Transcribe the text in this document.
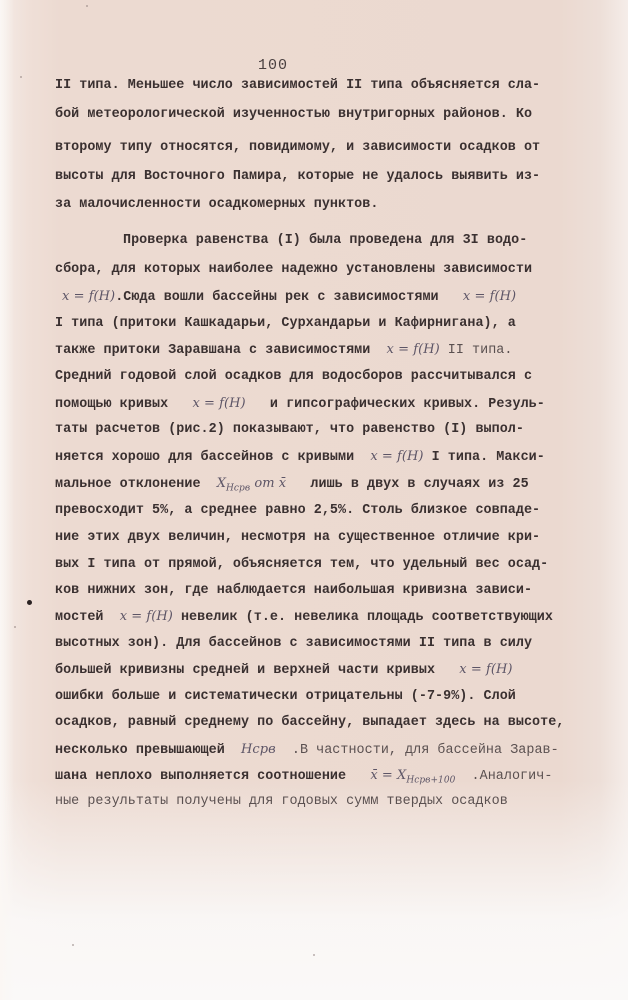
100
II типа. Меньшее число зависимостей II типа объясняется сла-
бой метеорологической изученностью внутригорных районов. Ко
второму типу относятся, повидимому, и зависимости осадков от
высоты для Восточного Памира, которые не удалось выявить из-
за малочисленности осадкомерных пунктов.
Проверка равенства (I) была проведена для 3I водо-
сбора, для которых наиболее надежно установлены зависимости
x = f(H).Сюда вошли бассейны рек с зависимостями x = f(H)
I типа (притоки Кашкадарьи, Сурхандарьи и Кафирнигана), а
также притоки Заравшана с зависимостями x = f(H) II типа.
Средний годовой слой осадков для водосборов рассчитывался с
помощью кривых x = f(H) и гипсографических кривых. Резуль-
таты расчетов (рис.2) показывают, что равенство (I) выпол-
няется хорошо для бассейнов с кривыми x = f(H) I типа. Макси-
мальное отклонение $X_{Hсрв}$ от x̄ лишь в двух в случаях из 25
превосходит 5%, а среднее равно 2,5%. Столь близкое совпаде-
ние этих двух величин, несмотря на существенное отличие кри-
вых I типа от прямой, объясняется тем, что удельный вес осад-
ков нижних зон, где наблюдается наибольшая кривизна зависи-
мостей x = f(H) невелик (т.е. невелика площадь соответствующих
высотных зон). Для бассейнов с зависимостями II типа в силу
большей кривизны средней и верхней части кривых x = f(H)
ошибки больше и систематически отрицательны (-7-9%). Слой
осадков, равный среднему по бассейну, выпадает здесь на высоте,
несколько превышающей Hсрв .В частности, для бассейна Зарав-
шана неплохо выполняется соотношение x̄ = $X_{Hсрв+100}$ .Аналогич-
ные результаты получены для годовых сумм твердых осадков
